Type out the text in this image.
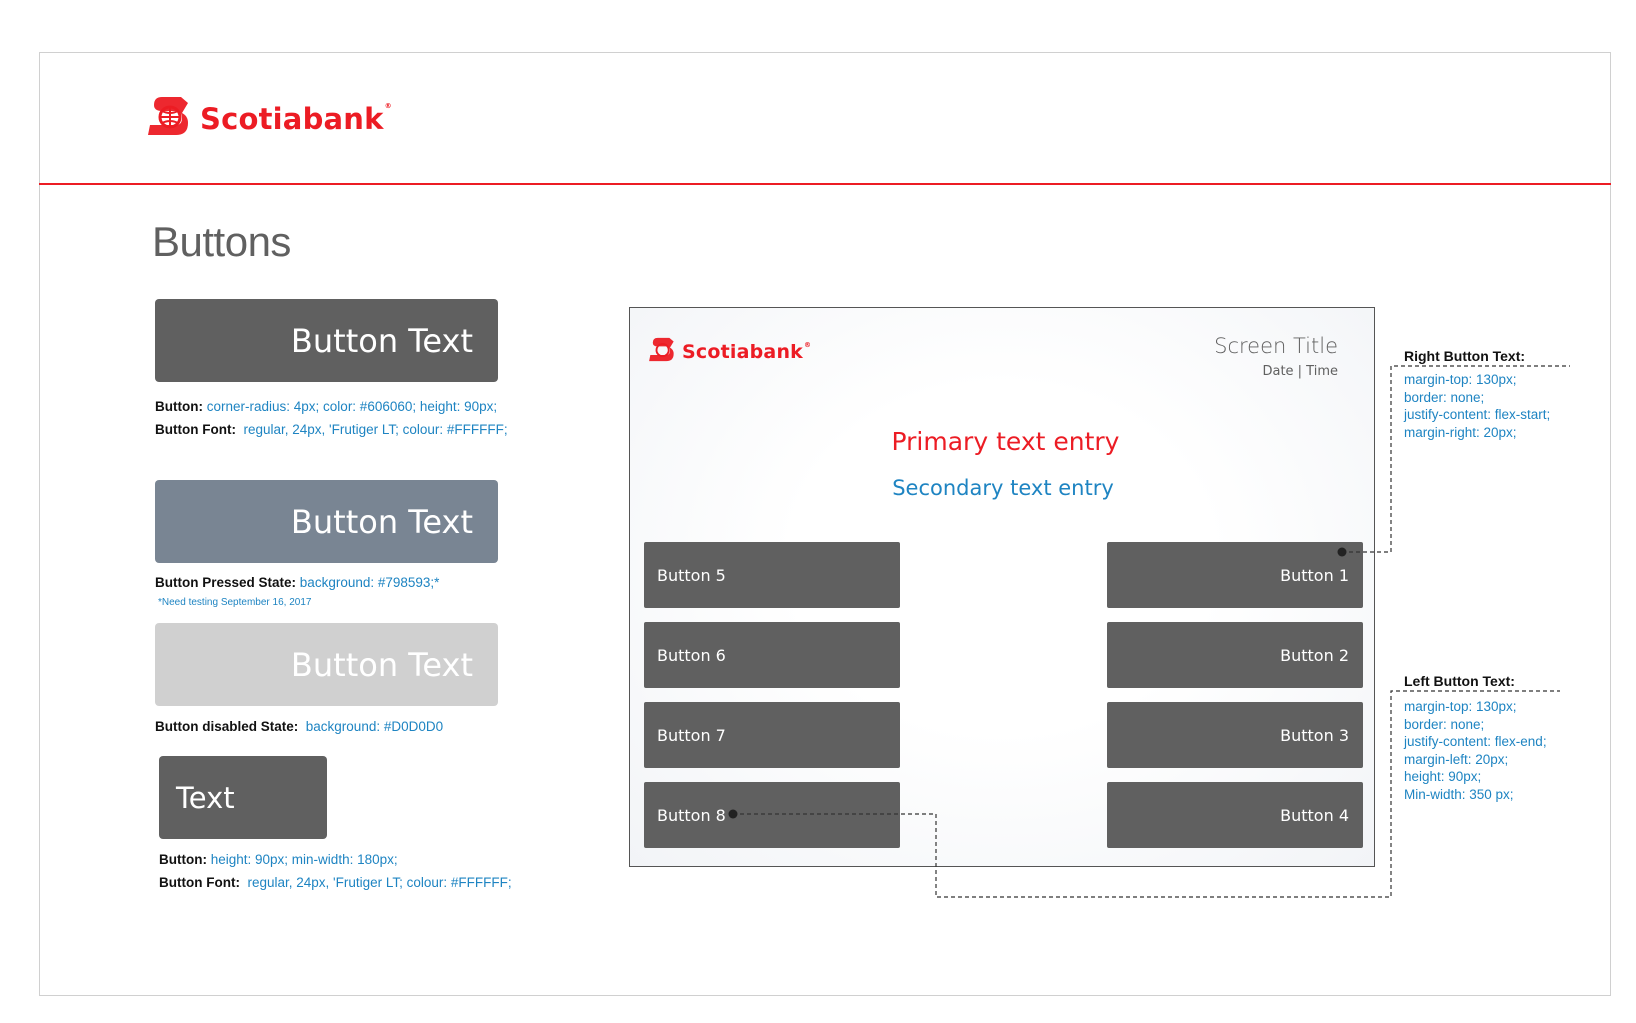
Scotiabank®
Buttons
Button Text
Button: corner-radius: 4px; color: #606060; height: 90px;
Button Font: regular, 24px, 'Frutiger LT; colour: #FFFFFF;
Button Text
Button Pressed State: background: #798593;*
*Need testing September 16, 2017
Button Text
Button disabled State: background: #D0D0D0
Text
Button: height: 90px; min-width: 180px;
Button Font: regular, 24px, 'Frutiger LT; colour: #FFFFFF;
Scotiabank®	Screen Title
Date | Time
Primary text entry
Secondary text entry
Button 5
Button 6
Button 7
Button 8
Button 1
Button 2
Button 3
Button 4
Right Button Text:
margin-top: 130px;
border: none;
justify-content: flex-start;
margin-right: 20px;
Left Button Text:
margin-top: 130px;
border: none;
justify-content: flex-end;
margin-left: 20px;
height: 90px;
Min-width: 350 px;
